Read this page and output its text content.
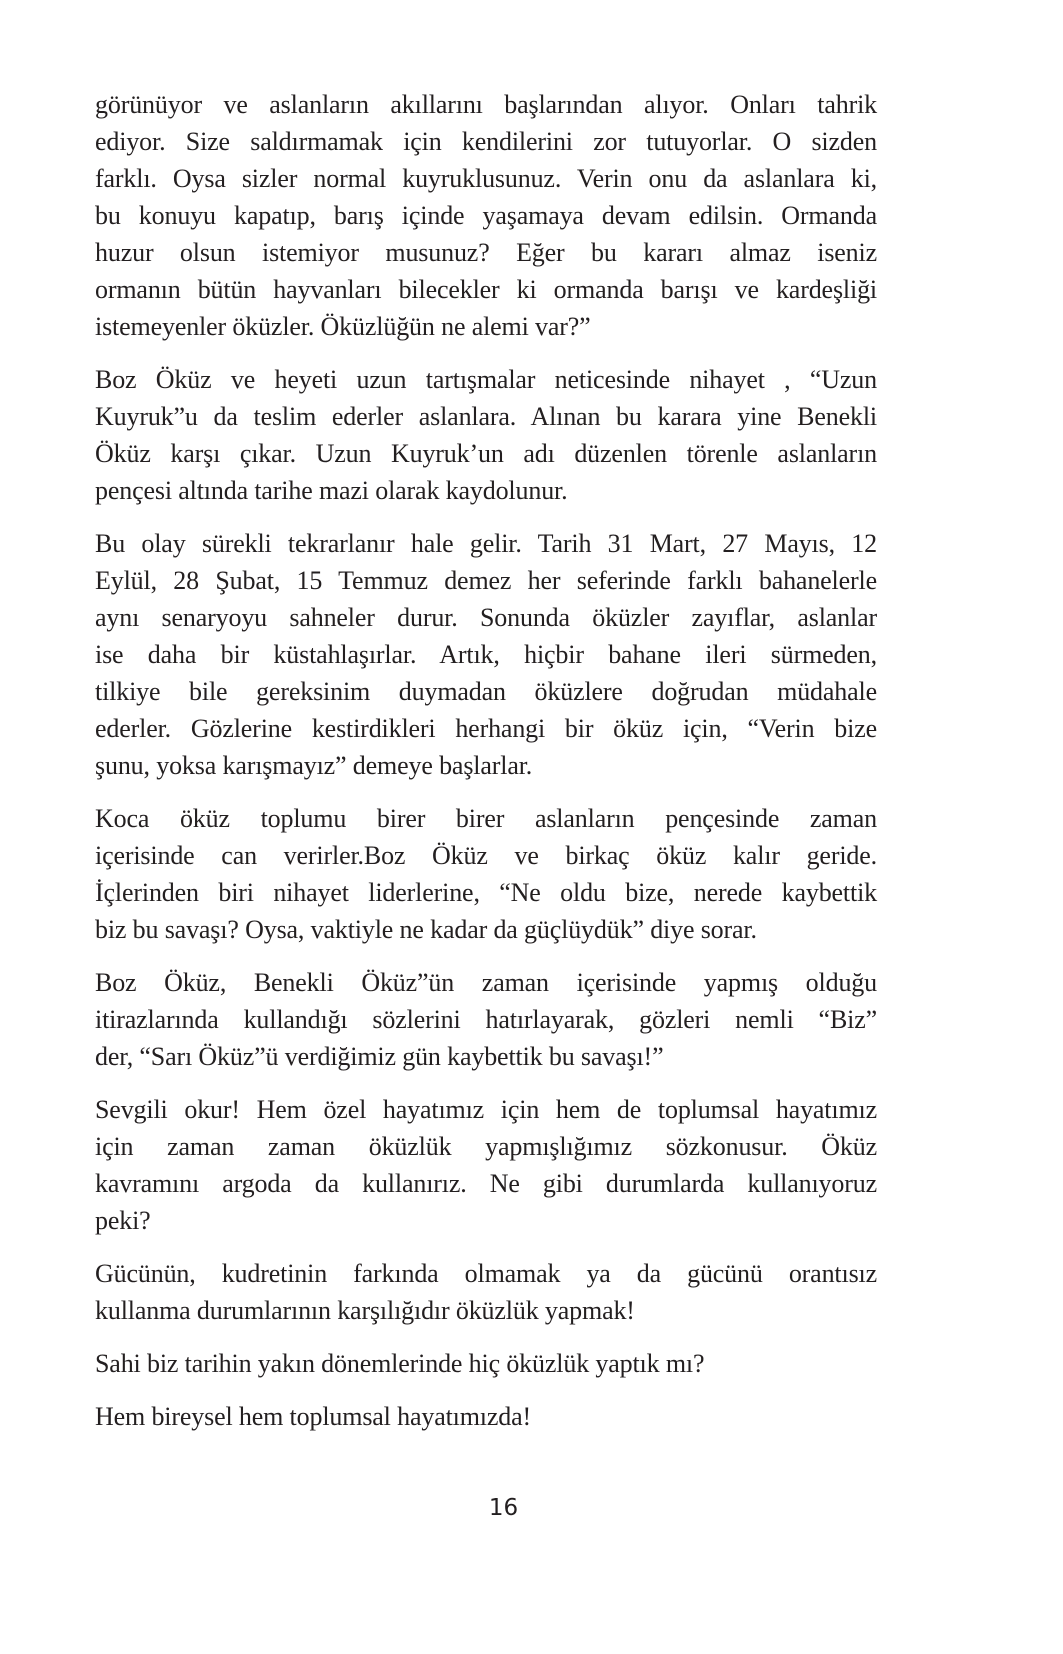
görünüyor ve aslanların akıllarını başlarından alıyor. Onları tahrik
ediyor. Size saldırmamak için kendilerini zor tutuyorlar. O sizden
farklı. Oysa sizler normal kuyruklusunuz. Verin onu da aslanlara ki,
bu konuyu kapatıp, barış içinde yaşamaya devam edilsin. Ormanda
huzur olsun istemiyor musunuz? Eğer bu kararı almaz iseniz
ormanın bütün hayvanları bilecekler ki ormanda barışı ve kardeşliği
istemeyenler öküzler. Öküzlüğün ne alemi var?”

Boz Öküz ve heyeti uzun tartışmalar neticesinde nihayet , “Uzun
Kuyruk”u da teslim ederler aslanlara. Alınan bu karara yine Benekli
Öküz karşı çıkar. Uzun Kuyruk’un adı düzenlen törenle aslanların
pençesi altında tarihe mazi olarak kaydolunur.

Bu olay sürekli tekrarlanır hale gelir. Tarih 31 Mart, 27 Mayıs, 12
Eylül, 28 Şubat, 15 Temmuz demez her seferinde farklı bahanelerle
aynı senaryoyu sahneler durur. Sonunda öküzler zayıflar, aslanlar
ise daha bir küstahlaşırlar. Artık, hiçbir bahane ileri sürmeden,
tilkiye bile gereksinim duymadan öküzlere doğrudan müdahale
ederler. Gözlerine kestirdikleri herhangi bir öküz için, “Verin bize
şunu, yoksa karışmayız” demeye başlarlar.

Koca öküz toplumu birer birer aslanların pençesinde zaman
içerisinde can verirler.Boz Öküz ve birkaç öküz kalır geride.
İçlerinden biri nihayet liderlerine, “Ne oldu bize, nerede kaybettik
biz bu savaşı? Oysa, vaktiyle ne kadar da güçlüydük” diye sorar.

Boz Öküz, Benekli Öküz”ün zaman içerisinde yapmış olduğu
itirazlarında kullandığı sözlerini hatırlayarak, gözleri nemli “Biz”
der, “Sarı Öküz”ü verdiğimiz gün kaybettik bu savaşı!”

Sevgili okur! Hem özel hayatımız için hem de toplumsal hayatımız
için zaman zaman öküzlük yapmışlığımız sözkonusur. Öküz
kavramını argoda da kullanırız. Ne gibi durumlarda kullanıyoruz
peki?

Gücünün, kudretinin farkında olmamak ya da gücünü orantısız
kullanma durumlarının karşılığıdır öküzlük yapmak!

Sahi biz tarihin yakın dönemlerinde hiç öküzlük yaptık mı?

Hem bireysel hem toplumsal hayatımızda!

16
